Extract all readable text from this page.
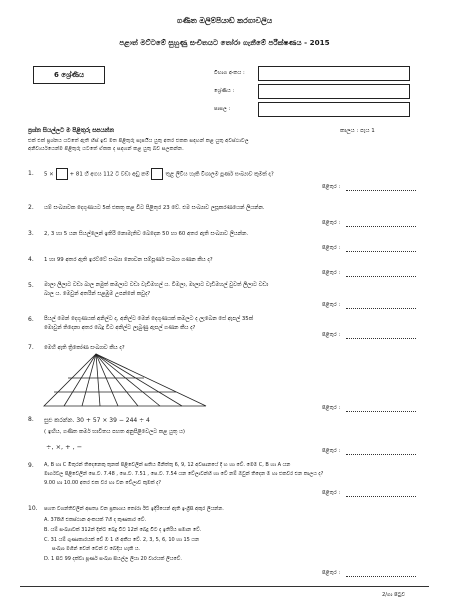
ගණිත ඔලිම්පියාඩ් කරගාවලිය
පළාත් මට්ටමේ සුහුණු සංචිතයට තෝරා ගැනීමේ පරීක්ෂණය - 2015
6 ශ්‍රේණිය	විභාග අංකය :
ශ්‍රේණිය :
පාසල :
ප්‍රශ්න සියල්ලට ම පිළිතුරු සපයන්න	කාලය : පැය 1
එක් එක් ප්‍රශ්නය යටතේ ඇති හිස් ඉඩ මත පිළිතුරු සැපයිය යුතු අතර එකක සඳහන් කළ යුතු අවස්ථාවල
අනිවාර්යයෙන්ම පිළිතුරු යටතේ ඒකක ද සඳහන් කළ යුතු බව සලකන්න.
1. 5 ×	+ 81 හි අගය 112 ට වඩා අඩු නම්	තුළ ලිවිය හැකි විශාලම පූර්ණ සංඛ්‍යාව කුමක් ද?
පිළිතුර :
2. යම් සංඛ්‍යාවක දෙගුණයට 5ක් එකතු කළ විට පිළිතුර 23 වේ. එම සංඛ්‍යාව ලඝූකරණයෙන් ලියන්න.
පිළිතුර :
3. 2, 3 හා 5 යන සියල්ලෙන් ඉතිරි නොමැතිව බෙදෙන 50 හා 60 අතර ඇති සංඛ්‍යාව ලියන්න.
පිළිතුර :
4. 1 හා 99 අතර ඇති ඉරට්ටේ සංඛ්‍යා නොවන සම්පූර්ණ සංඛ්‍යා ගණන කීය ද?
පිළිතුර :
5. මාලා ලීලාට වඩා බාල නමුත් කමලාට වඩා වැඩිමහල් ය. විමලා, මාලාට වැඩිමහල් වුවත් ලීලාට වඩා
බාල ය. මෙවුන් අතරින් සළඹුම උපන්නේ කවුද?
පිළිතුර :
6. පියල් මෙන් දෙගුණයක් අනිල්ට ද, අනිල්ට මෙන් දෙගුණයක් කමලට ද ලැබෙන සේ ඇපල් 35ක්
මොවුන් තිදෙනා අතර බෙදූ විට අනිල්ට ලැබුණු ඇපල් ගණන කීය ද?
පිළිතුර :
7. මෙහි ඇති ත්‍රිකෝණ සංඛ්‍යාව කීය ද?
පිළිතුර :
8. සුළු කරන්න. 30 + 57 × 39 − 244 ÷ 4
( ඉඟිය, ගණිත කර්ම භාවිතය පහත අනුපිළිවෙලට කළ යුතු ය)
÷, ×, + , −	පිළිතුර :
9. A, B හා C මිතුරන් තිදෙනෙකු තුනක් පිළිවෙලින් සතිය මිනිත්තු 6, 9, 12 අවසානයේ දී හ හා වේ. මෙම C, B හා A යන
මාර්ගවල පිළිවෙලින් පෙ.ව. 7.48 , පෙ.ව. 7.51 , පෙ.ව. 7.54 යන වේලාවන්හි හා වේ නම් ඔවුන් තිදෙන ම හා එකවර එන කාලය ද?
9.00 හා 10.00 අතර එක වර හා වන වේලාව කුමක් ද?
පිළිතුර :
10. පහත වගන්තිවලින් අසත්‍ය වන ප්‍රකාශය තෝරා ඊට ඉදිරියෙන් ඇති ඉංග්‍රීසි අකුර ලියන්න.
A. 378හි එකස්ථාන අංකයක් 7හි ද කුණකාර වේ.
B. යම් සංඛ්‍යාවක් 312න් දින්ට බෙදූ විට 12න් බෙදූ විට ද ඉතිරිය සමාන වේ.
C. 31 යම් ගුණාකාරයක් වේ ඔ 1 හි අකීය වේ. 2, 3, 5, 6, 10 හා 15 යන
සංඛ්‍යා මගින් වෙන් වෙන් ව බෙදිය හැකි ය.
D. 1 සිට 99 දක්වා පූර්ණ සංඛ්‍යා සියල්ල ලියා 20 වාරයක් ලියවේ.
පිළිතුර :
2/ගා පිටුව
